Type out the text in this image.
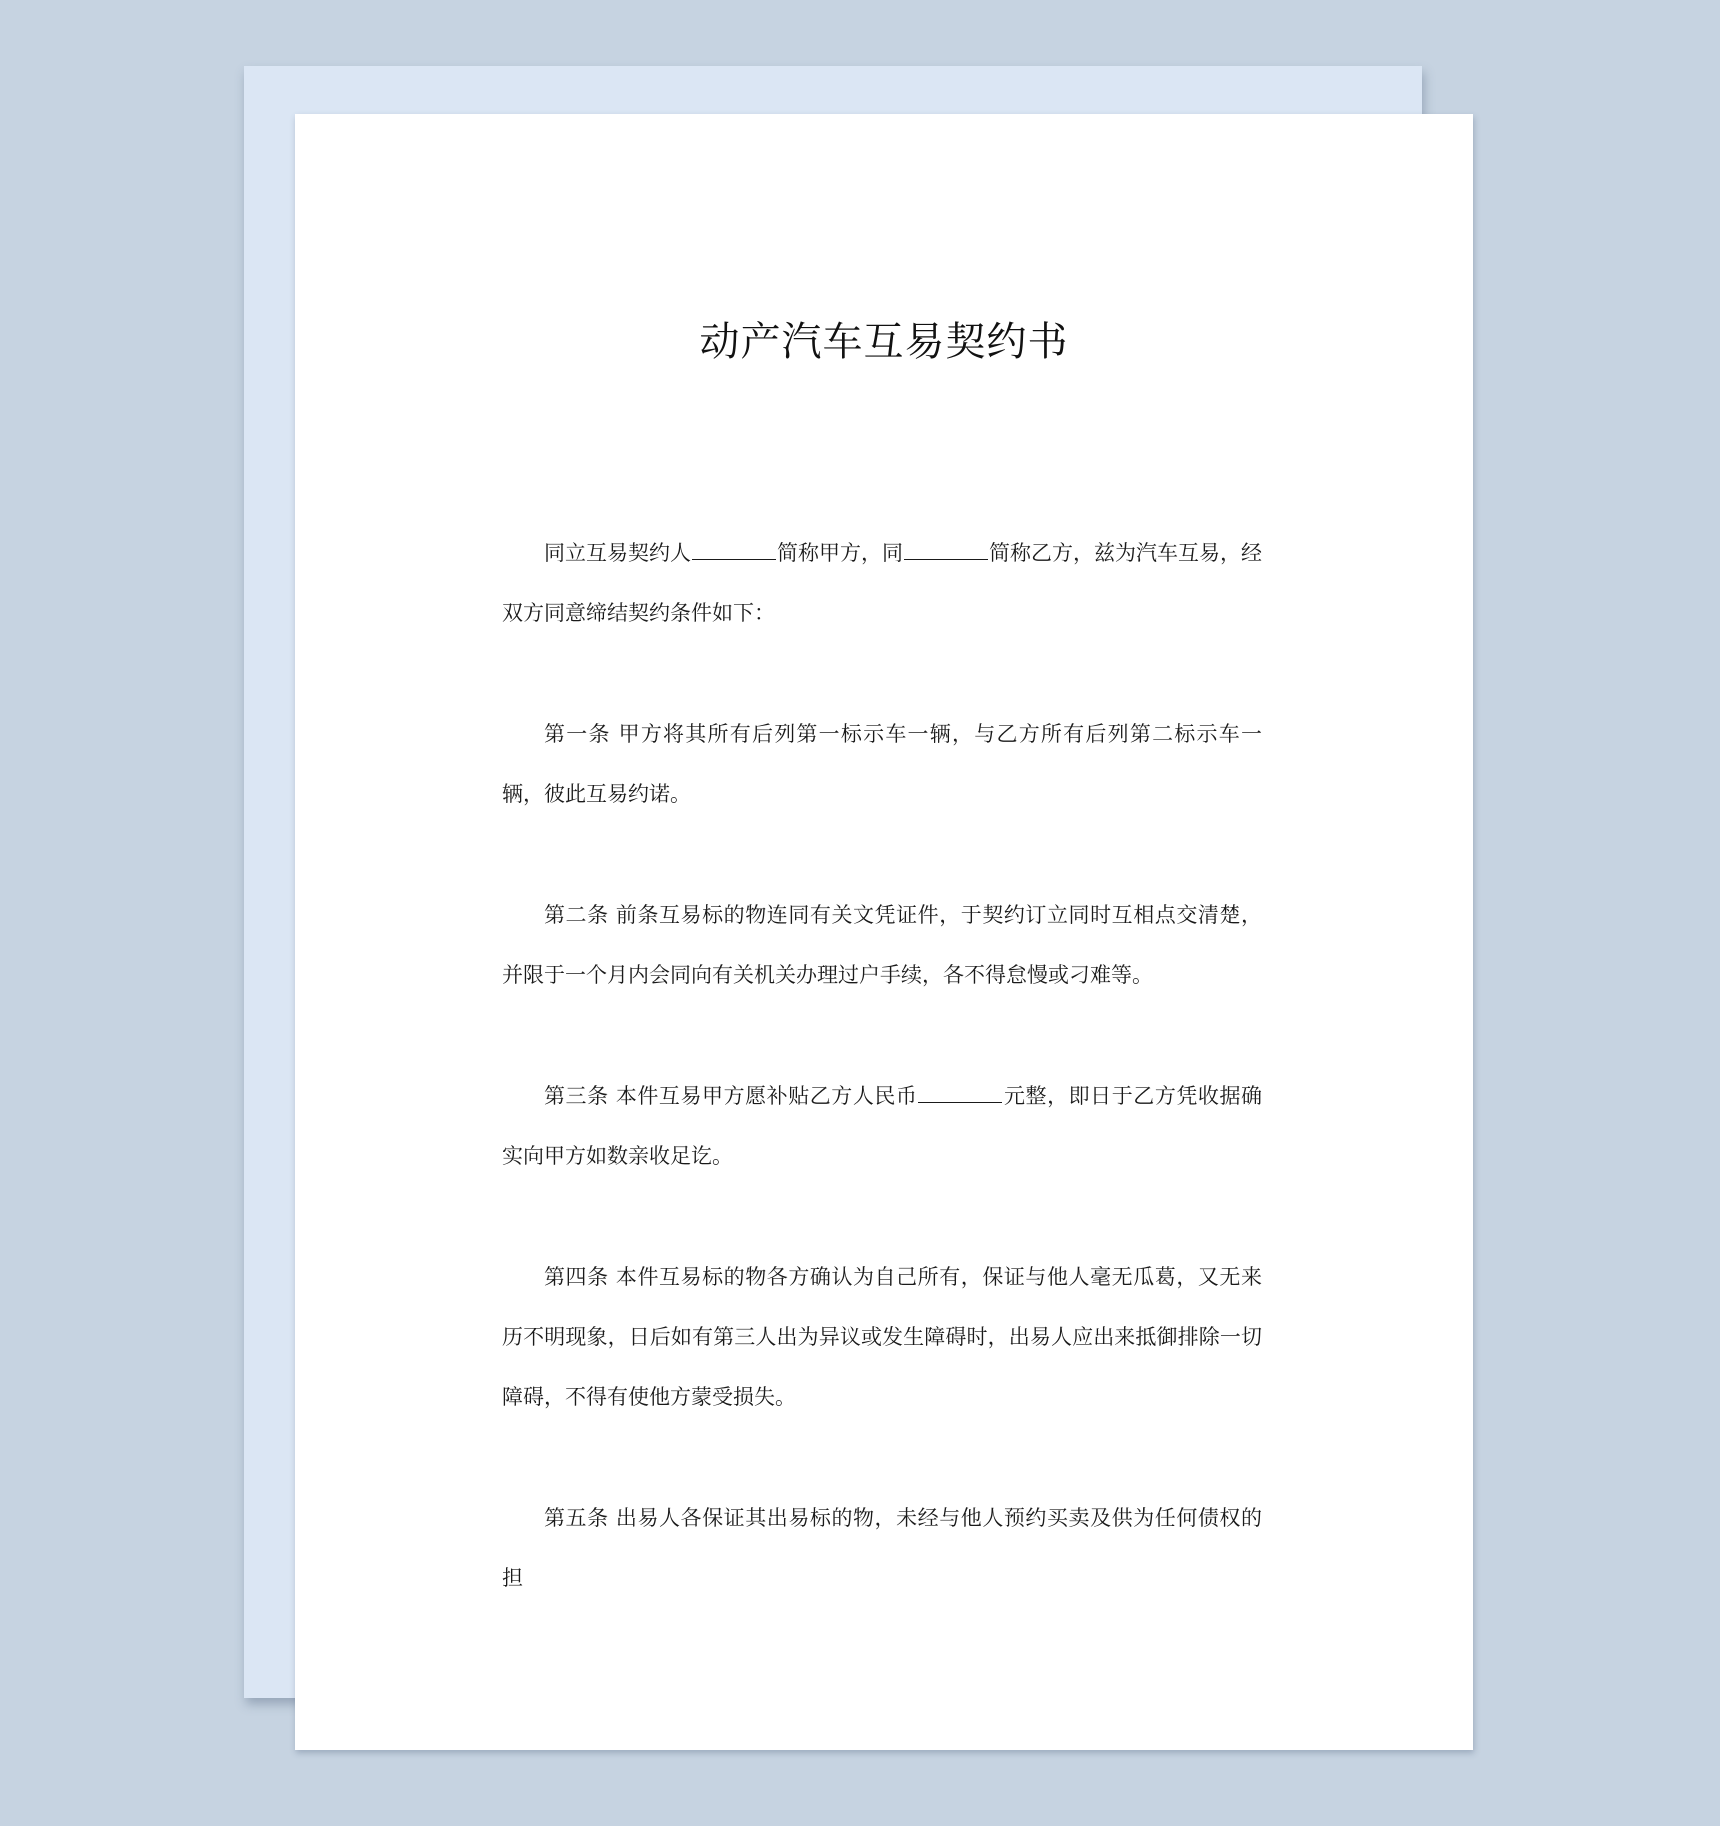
动产汽车互易契约书

同立互易契约人	简称甲方，同	简称乙方，兹为汽车互易，经双方同意缔结契约条件如下：

第一条 甲方将其所有后列第一标示车一辆，与乙方所有后列第二标示车一辆，彼此互易约诺。

第二条 前条互易标的物连同有关文凭证件，于契约订立同时互相点交清楚，并限于一个月内会同向有关机关办理过户手续，各不得怠慢或刁难等。

第三条 本件互易甲方愿补贴乙方人民币	元整，即日于乙方凭收据确实向甲方如数亲收足讫。

第四条 本件互易标的物各方确认为自己所有，保证与他人毫无瓜葛，又无来历不明现象，日后如有第三人出为异议或发生障碍时，出易人应出来抵御排除一切障碍，不得有使他方蒙受损失。

第五条 出易人各保证其出易标的物，未经与他人预约买卖及供为任何债权的担
